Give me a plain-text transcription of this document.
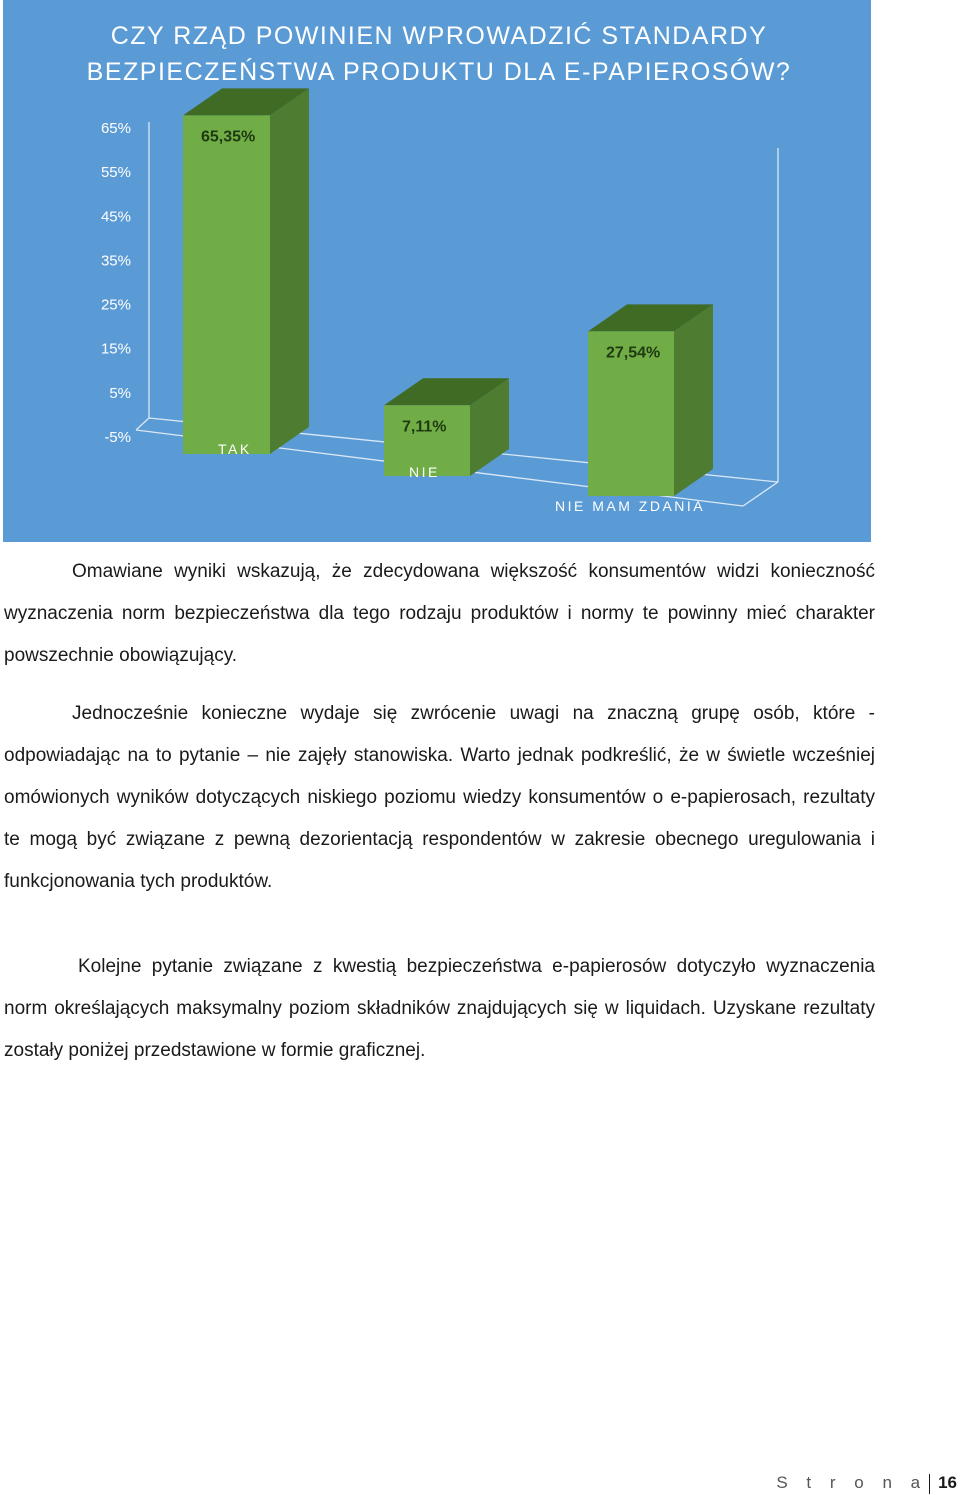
CZY RZĄD POWINIEN WPROWADZIĆ STANDARDY
BEZPIECZEŃSTWA PRODUKTU DLA E-PAPIEROSÓW?
65%
55%
45%
35%
25%
15%
5%
-5%
65,35%
7,11%
27,54%
TAK
NIE
NIE MAM ZDANIA

Omawiane wyniki wskazują, że zdecydowana większość konsumentów widzi konieczność wyznaczenia norm bezpieczeństwa dla tego rodzaju produktów i normy te powinny mieć charakter powszechnie obowiązujący.

Jednocześnie konieczne wydaje się zwrócenie uwagi na znaczną grupę osób, które - odpowiadając na to pytanie – nie zajęły stanowiska. Warto jednak podkreślić, że w świetle wcześniej omówionych wyników dotyczących niskiego poziomu wiedzy konsumentów o e-papierosach, rezultaty te mogą być związane z pewną dezorientacją respondentów w zakresie obecnego uregulowania i funkcjonowania tych produktów.

Kolejne pytanie związane z kwestią bezpieczeństwa e-papierosów dotyczyło wyznaczenia norm określających maksymalny poziom składników znajdujących się w liquidach. Uzyskane rezultaty zostały poniżej przedstawione w formie graficznej.

S t r o n a 16
